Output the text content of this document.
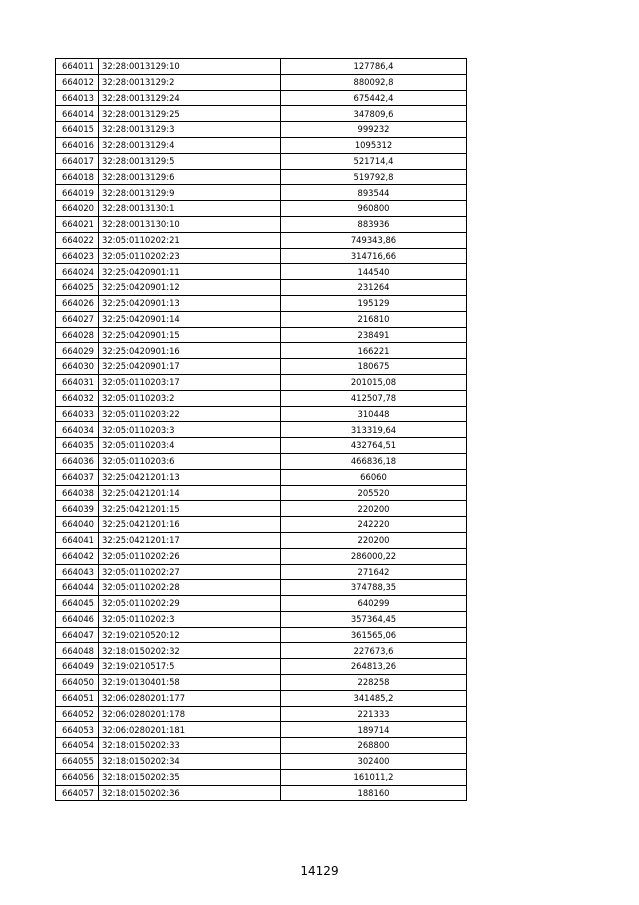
664011	32:28:0013129:10	127786,4
664012	32:28:0013129:2	880092,8
664013	32:28:0013129:24	675442,4
664014	32:28:0013129:25	347809,6
664015	32:28:0013129:3	999232
664016	32:28:0013129:4	1095312
664017	32:28:0013129:5	521714,4
664018	32:28:0013129:6	519792,8
664019	32:28:0013129:9	893544
664020	32:28:0013130:1	960800
664021	32:28:0013130:10	883936
664022	32:05:0110202:21	749343,86
664023	32:05:0110202:23	314716,66
664024	32:25:0420901:11	144540
664025	32:25:0420901:12	231264
664026	32:25:0420901:13	195129
664027	32:25:0420901:14	216810
664028	32:25:0420901:15	238491
664029	32:25:0420901:16	166221
664030	32:25:0420901:17	180675
664031	32:05:0110203:17	201015,08
664032	32:05:0110203:2	412507,78
664033	32:05:0110203:22	310448
664034	32:05:0110203:3	313319,64
664035	32:05:0110203:4	432764,51
664036	32:05:0110203:6	466836,18
664037	32:25:0421201:13	66060
664038	32:25:0421201:14	205520
664039	32:25:0421201:15	220200
664040	32:25:0421201:16	242220
664041	32:25:0421201:17	220200
664042	32:05:0110202:26	286000,22
664043	32:05:0110202:27	271642
664044	32:05:0110202:28	374788,35
664045	32:05:0110202:29	640299
664046	32:05:0110202:3	357364,45
664047	32:19:0210520:12	361565,06
664048	32:18:0150202:32	227673,6
664049	32:19:0210517:5	264813,26
664050	32:19:0130401:58	228258
664051	32:06:0280201:177	341485,2
664052	32:06:0280201:178	221333
664053	32:06:0280201:181	189714
664054	32:18:0150202:33	268800
664055	32:18:0150202:34	302400
664056	32:18:0150202:35	161011,2
664057	32:18:0150202:36	188160
14129
